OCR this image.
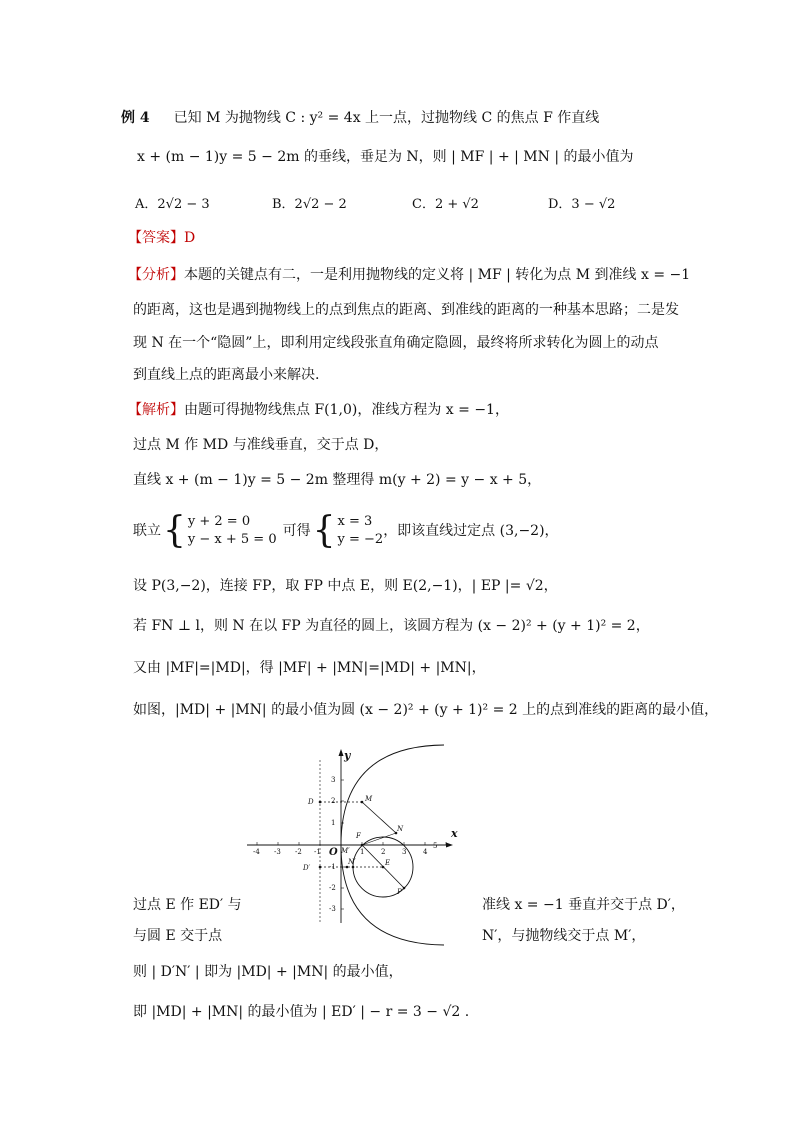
例 4 已知 M 为抛物线 C : y² = 4x 上一点，过抛物线 C 的焦点 F 作直线
x + (m − 1)y = 5 − 2m 的垂线，垂足为 N，则 | MF | + | MN | 的最小值为
A．2√2 − 3	B．2√2 − 2	C．2 + √2	D．3 − √2
【答案】D
【分析】本题的关键点有二，一是利用抛物线的定义将 | MF | 转化为点 M 到准线 x = −1
的距离，这也是遇到抛物线上的点到焦点的距离、到准线的距离的一种基本思路；二是发
现 N 在一个“隐圆”上，即利用定线段张直角确定隐圆，最终将所求转化为圆上的动点
到直线上点的距离最小来解决.
【解析】由题可得抛物线焦点 F(1,0)，准线方程为 x = −1，
过点 M 作 MD 与准线垂直，交于点 D，
直线 x + (m − 1)y = 5 − 2m 整理得 m(y + 2) = y − x + 5，
联立 { y + 2 = 0
y − x + 5 = 0
可得 { x = 3
y = −2
，即该直线过定点 (3,−2)，
设 P(3,−2)，连接 FP，取 FP 中点 E，则 E(2,−1)，| EP |= √2，
若 FN ⊥ l，则 N 在以 FP 为直径的圆上，该圆方程为 (x − 2)² + (y + 1)² = 2，
又由 |MF|=|MD|，得 |MF| + |MN|=|MD| + |MN|，
如图，|MD| + |MN| 的最小值为圆 (x − 2)² + (y + 1)² = 2 上的点到准线的距离的最小值，
x
y
-4 -3 -2 -1	1 2 3 4
5
3
2
1
-1
-2
-3
O
M
D
F
N
E
P
D′
N′
M′
过点 E 作 ED′ 与	准线 x = −1 垂直并交于点 D′，
与圆 E 交于点	N′，与抛物线交于点 M′，
则 | D′N′ | 即为 |MD| + |MN| 的最小值，
即 |MD| + |MN| 的最小值为 | ED′ | − r = 3 − √2 .
